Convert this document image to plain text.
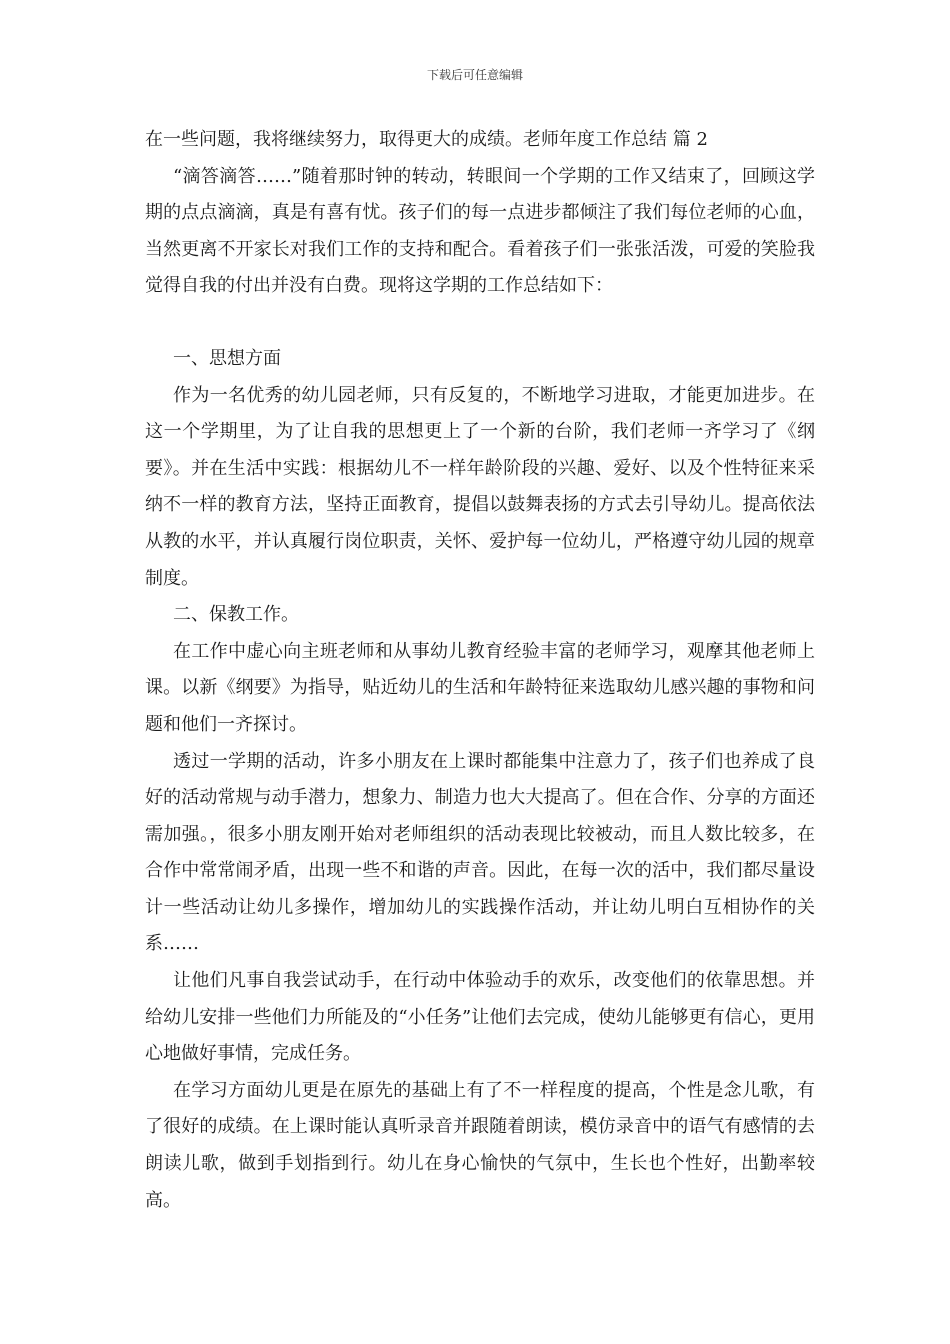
下载后可任意编辑

在一些问题，我将继续努力，取得更大的成绩。老师年度工作总结 篇 2

“滴答滴答……”随着那时钟的转动，转眼间一个学期的工作又结束了，回顾这学期的点点滴滴，真是有喜有忧。孩子们的每一点进步都倾注了我们每位老师的心血，当然更离不开家长对我们工作的支持和配合。看着孩子们一张张活泼，可爱的笑脸我觉得自我的付出并没有白费。现将这学期的工作总结如下：

一、思想方面

作为一名优秀的幼儿园老师，只有反复的，不断地学习进取，才能更加进步。在这一个学期里，为了让自我的思想更上了一个新的台阶，我们老师一齐学习了《纲要》。并在生活中实践：根据幼儿不一样年龄阶段的兴趣、爱好、以及个性特征来采纳不一样的教育方法，坚持正面教育，提倡以鼓舞表扬的方式去引导幼儿。提高依法从教的水平，并认真履行岗位职责，关怀、爱护每一位幼儿，严格遵守幼儿园的规章制度。

二、保教工作。

在工作中虚心向主班老师和从事幼儿教育经验丰富的老师学习，观摩其他老师上课。以新《纲要》为指导，贴近幼儿的生活和年龄特征来选取幼儿感兴趣的事物和问题和他们一齐探讨。

透过一学期的活动，许多小朋友在上课时都能集中注意力了，孩子们也养成了良好的活动常规与动手潜力，想象力、制造力也大大提高了。但在合作、分享的方面还需加强。，很多小朋友刚开始对老师组织的活动表现比较被动，而且人数比较多，在合作中常常闹矛盾，出现一些不和谐的声音。因此，在每一次的活中，我们都尽量设计一些活动让幼儿多操作，增加幼儿的实践操作活动，并让幼儿明白互相协作的关系……

让他们凡事自我尝试动手，在行动中体验动手的欢乐，改变他们的依靠思想。并给幼儿安排一些他们力所能及的“小任务”让他们去完成，使幼儿能够更有信心，更用心地做好事情，完成任务。

在学习方面幼儿更是在原先的基础上有了不一样程度的提高，个性是念儿歌，有了很好的成绩。在上课时能认真听录音并跟随着朗读，模仿录音中的语气有感情的去朗读儿歌，做到手划指到行。幼儿在身心愉快的气氛中，生长也个性好，出勤率较高。
